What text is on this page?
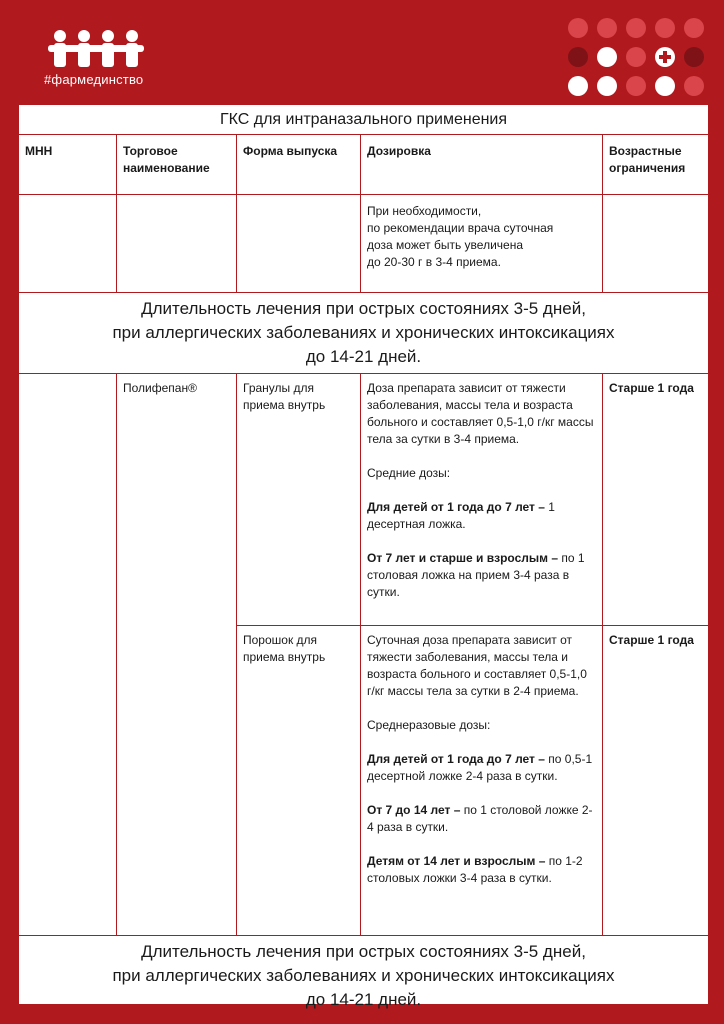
#фармединство
ГКС для интраназального применения				
МНН	Торговое наименование	Форма выпуска	Дозировка	Возрастные ограничения
			При необходимости,
по рекомендации врача суточная
доза может быть увеличена
до 20-30 г в 3-4 приема.	

Длительность лечения при острых состояниях 3-5 дней,
при аллергических заболеваниях и хронических интоксикациях
до 14-21 дней.				

	Полифепан®	Гранулы для приема внутрь	Доза препарата зависит от тяжести заболевания, массы тела и возраста больного и составляет 0,5-1,0 г/кг массы тела за сутки в 3-4 приема.
Средние дозы:
Для детей от 1 года до 7 лет – 1 десертная ложка.
От 7 лет и старше и взрослым – по 1 столовая ложка на прием 3-4 раза в сутки.	Старше 1 года
		Порошок для приема внутрь	Суточная доза препарата зависит от тяжести заболевания, массы тела и возраста больного и составляет 0,5-1,0 г/кг массы тела за сутки в 2-4 приема.
Среднеразовые дозы:
Для детей от 1 года до 7 лет – по 0,5-1 десертной ложке 2-4 раза в сутки.
От 7 до 14 лет – по 1 столовой ложке 2-4 раза в сутки.
Детям от 14 лет и взрослым – по 1-2 столовых ложки 3-4 раза в сутки.	Старше 1 года

Длительность лечения при острых состояниях 3-5 дней,
при аллергических заболеваниях и хронических интоксикациях
до 14-21 дней.				
